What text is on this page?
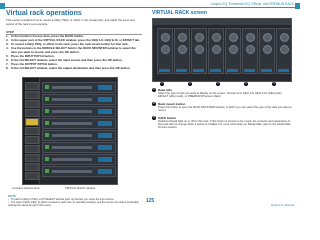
Graphic EQ, Parametric EQ, Effects, and PREMIUM RACK
Virtual rack operations
This section explains how to mount a GEQ, PEQ, or effect in the virtual rack, and patch the input and output of the rack to an example.
STEP
1. In the Function Access Area, press the RACK button.
2. In the upper part of the VIRTUAL RACK window, press the GEQ 1-8, GEQ 9-16, or EFFECT tab.
3. To mount a GEQ, PEQ, or effect in the rack, press the rack mount button for that rack.
4. Use the buttons in the MODULE SELECT field in the RACK MOUNTER window to select the item you want to mount, and press the OK button.
5. Press the INPUT PATCH button.
6. In the CH SELECT window, select the input source and then press the OK button.
7. Press the OUTPUT PATCH button.
8. In the CH SELECT window, select the output destination and then press the OK button.
Function Access Area	VIRTUAL RACK window
NOTE
• To patch a GEQ or PEQ, a CH SELECT window pops up that lets you select the input source.
• The type of GEQ, PEQ, or effect mounted in each rack, its operating settings, and the source and output destination settings are saved as part of the scene.
VIRTUAL RACK screen
1	2	3	4	5
1	Rack tabs
Select the type of rack you want to display on the screen. Choose from GEQ 1-8, GEQ 9-16 (GEQ rack), EFFECT (effect rack), or PREMIUM (Premium Rack).
2	Rack mount button
Press this button to open the RACK MOUNTER window, in which you can select the type of the rack you want to mount.
3	SAFE button
Switches Recall Safe on or off for this rack. If this button is turned on for a rack, the contents and parameters of that rack will not change when a scene is recalled. For more information on Recall Safe, refer to the Recall Safe function section.
125
Reference Manual
